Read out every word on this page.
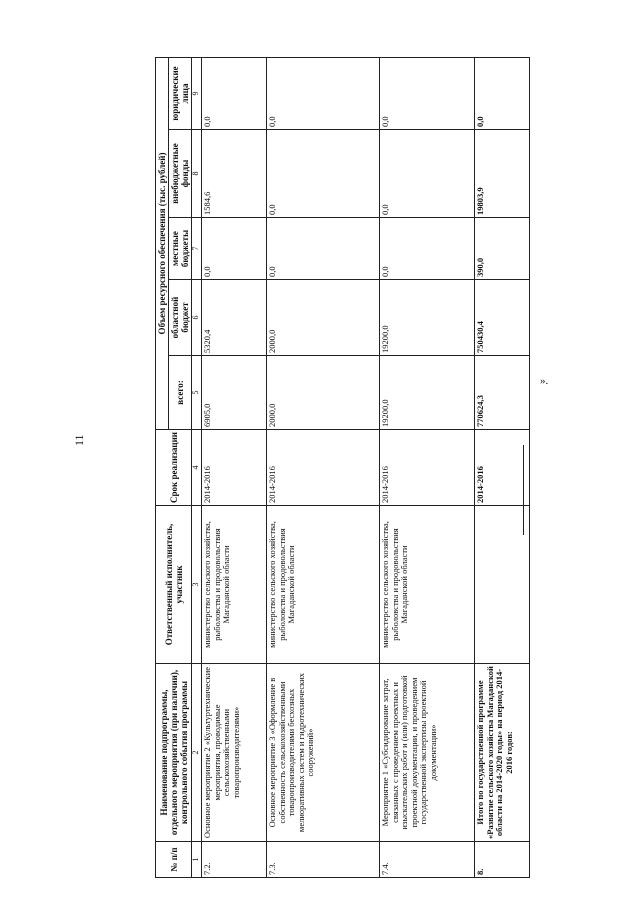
11
».
№ п/п	Наименование подпрограммы, отдельного мероприятия (при наличии), контрольного события программы	Ответственный исполнитель, участник	Срок реализации	Объем ресурсного обеспечения (тыс. рублей)				
				всего:	областной бюджет	местные бюджеты	внебюджетные фонды	юридические лица
1	2	3	4	5	6	7	8	9
7.2.	Основное мероприятие 2 «Культуртехнические мероприятия, проводимые сельскохозяйственными товаропроизводителями»	министерство сельского хозяйства, рыболовства и продовольствия Магаданской области	2014-2016	6905,0	5320,4	0,0	1584,6	0,0
7.3.	Основное мероприятие 3 «Оформление в собственность сельскохозяйственными товаропроизводителями бесхозных мелиоративных систем и гидротехнических сооружений»	министерство сельского хозяйства, рыболовства и продовольствия Магаданской области	2014-2016	2000,0	2000,0	0,0	0,0	0,0
7.4.	Мероприятие 1 «Субсидирование затрат, связанных с проведением проектных и изыскательских работ и (или) подготовкой проектной документации, и проведением государственной экспертизы проектной документации»	министерство сельского хозяйства, рыболовства и продовольствия Магаданской области	2014-2016	19200,0	19200,0	0,0	0,0	0,0
8.	Итого по государственной программе «Развитие сельского хозяйства Магаданской области на 2014-2020 годы» на период 2014-2016 годов:		2014-2016	770624,3	750430,4	390,0	19803,9	0,0
